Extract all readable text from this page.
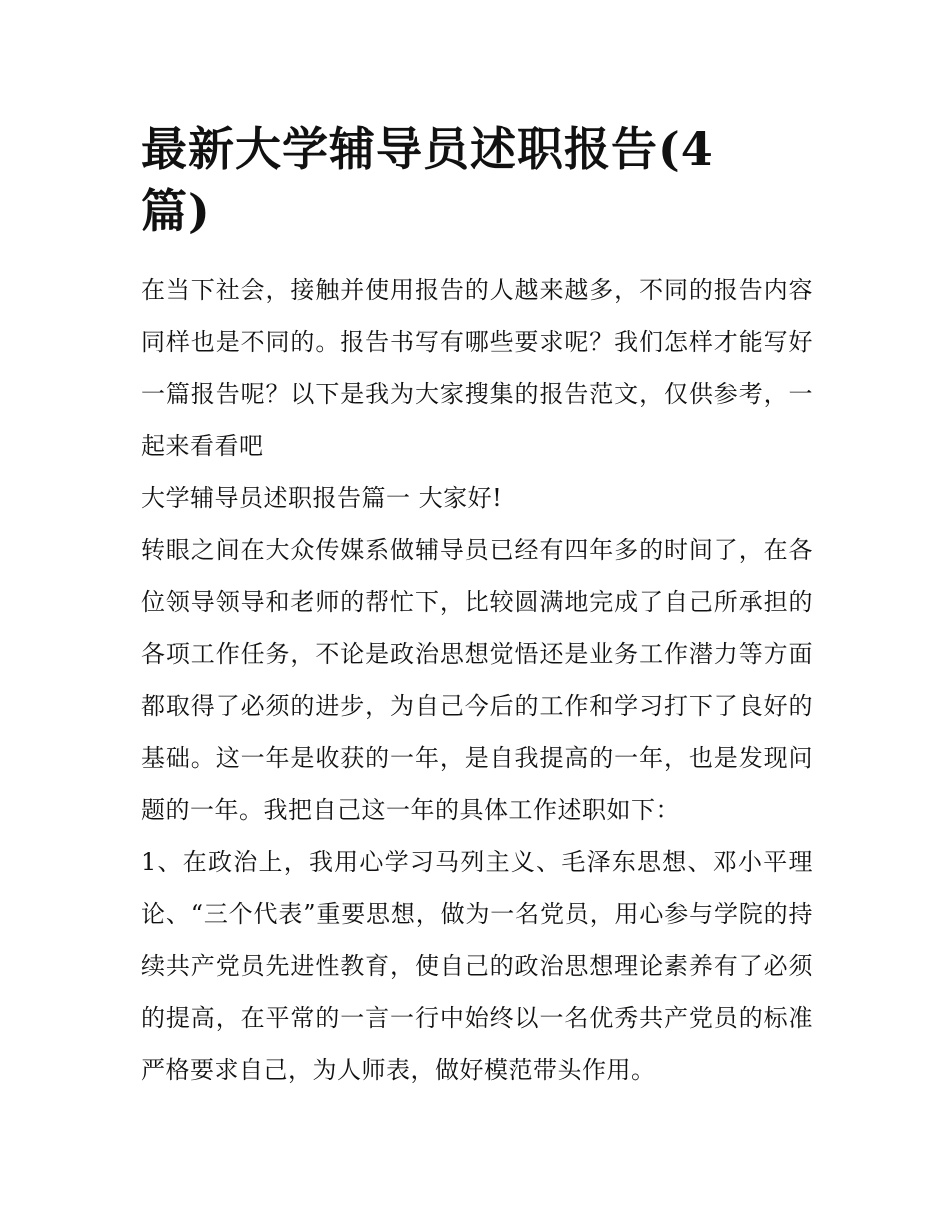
最新大学辅导员述职报告(4篇)

在当下社会，接触并使用报告的人越来越多，不同的报告内容同样也是不同的。报告书写有哪些要求呢？我们怎样才能写好一篇报告呢？以下是我为大家搜集的报告范文，仅供参考，一起来看看吧

大学辅导员述职报告篇一 大家好!

转眼之间在大众传媒系做辅导员已经有四年多的时间了，在各位领导领导和老师的帮忙下，比较圆满地完成了自己所承担的各项工作任务，不论是政治思想觉悟还是业务工作潜力等方面都取得了必须的进步，为自己今后的工作和学习打下了良好的基础。这一年是收获的一年，是自我提高的一年，也是发现问题的一年。我把自己这一年的具体工作述职如下：

1、在政治上，我用心学习马列主义、毛泽东思想、邓小平理论、“三个代表”重要思想，做为一名党员，用心参与学院的持续共产党员先进性教育，使自己的政治思想理论素养有了必须的提高，在平常的一言一行中始终以一名优秀共产党员的标准严格要求自己，为人师表，做好模范带头作用。
